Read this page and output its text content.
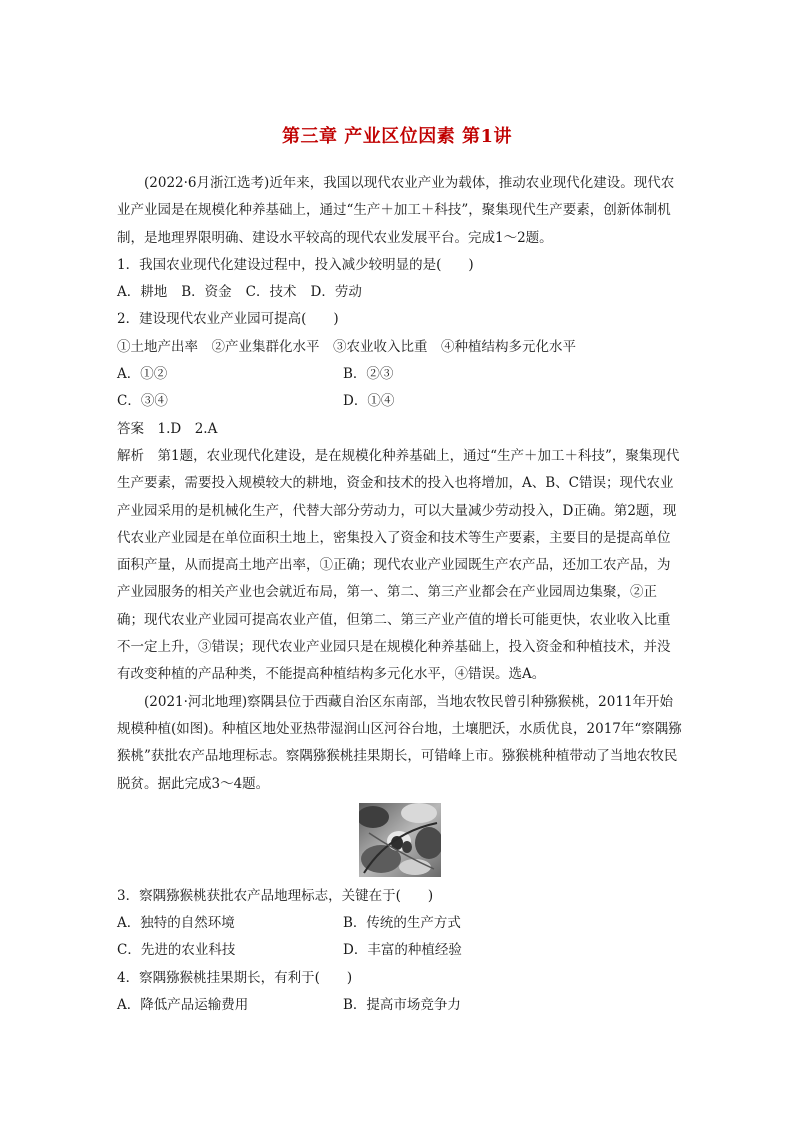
第三章 产业区位因素 第1讲

(2022·6月浙江选考)近年来，我国以现代农业产业为载体，推动农业现代化建设。现代农业产业园是在规模化种养基础上，通过“生产＋加工＋科技”，聚集现代生产要素，创新体制机制，是地理界限明确、建设水平较高的现代农业发展平台。完成1～2题。

1．我国农业现代化建设过程中，投入减少较明显的是(　　)

A．耕地 B．资金 C．技术 D．劳动

2．建设现代农业产业园可提高(　　)

①土地产出率　②产业集群化水平　③农业收入比重　④种植结构多元化水平

A．①②	B．②③
C．③④	D．①④

答案　1.D　2.A

解析　第1题，农业现代化建设，是在规模化种养基础上，通过“生产＋加工＋科技”，聚集现代生产要素，需要投入规模较大的耕地，资金和技术的投入也将增加，A、B、C错误；现代农业产业园采用的是机械化生产，代替大部分劳动力，可以大量减少劳动投入，D正确。第2题，现代农业产业园是在单位面积土地上，密集投入了资金和技术等生产要素，主要目的是提高单位面积产量，从而提高土地产出率，①正确；现代农业产业园既生产农产品，还加工农产品，为产业园服务的相关产业也会就近布局，第一、第二、第三产业都会在产业园周边集聚，②正确；现代农业产业园可提高农业产值，但第二、第三产业产值的增长可能更快，农业收入比重不一定上升，③错误；现代农业产业园只是在规模化种养基础上，投入资金和种植技术，并没有改变种植的产品种类，不能提高种植结构多元化水平，④错误。选A。

(2021·河北地理)察隅县位于西藏自治区东南部，当地农牧民曾引种猕猴桃，2011年开始规模种植(如图)。种植区地处亚热带湿润山区河谷台地，土壤肥沃，水质优良，2017年“察隅猕猴桃”获批农产品地理标志。察隅猕猴桃挂果期长，可错峰上市。猕猴桃种植带动了当地农牧民脱贫。据此完成3～4题。

3．察隅猕猴桃获批农产品地理标志，关键在于(　　)

A．独特的自然环境	B．传统的生产方式
C．先进的农业科技	D．丰富的种植经验

4．察隅猕猴桃挂果期长，有利于(　　)

A．降低产品运输费用	B．提高市场竞争力
